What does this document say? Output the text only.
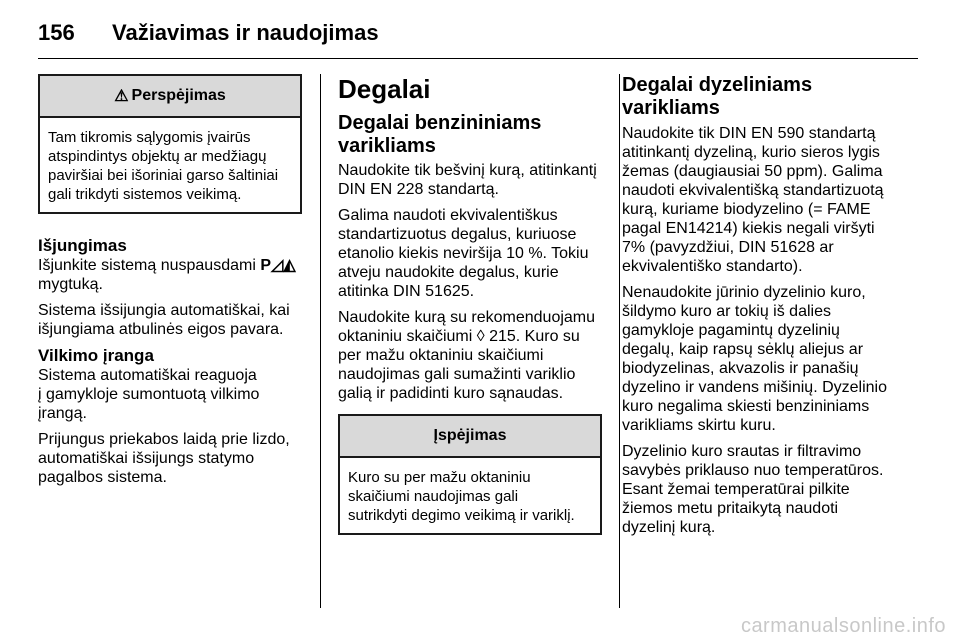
156 Važiavimas ir naudojimas
⚠ Perspėjimas
Tam tikromis sąlygomis įvairūs
atspindintys objektų ar medžiagų
paviršiai bei išoriniai garso šaltiniai
gali trikdyti sistemos veikimą.
Išjungimas

Išjunkite sistemą nuspausdami P◿◭
mygtuką.

Sistema išsijungia automatiškai, kai
išjungiama atbulinės eigos pavara.

Vilkimo įranga

Sistema automatiškai reaguoja
į gamykloje sumontuotą vilkimo
įrangą.

Prijungus priekabos laidą prie lizdo,
automatiškai išsijungs statymo
pagalbos sistema.

Degalai
Degalai benzininiams
varikliams

Naudokite tik bešvinį kurą, atitinkantį
DIN EN 228 standartą.

Galima naudoti ekvivalentiškus
standartizuotus degalus, kuriuose
etanolio kiekis neviršija 10 %. Tokiu
atveju naudokite degalus, kurie
atitinka DIN 51625.

Naudokite kurą su rekomenduojamu
oktaniniu skaičiumi ◊ 215. Kuro su
per mažu oktaniniu skaičiumi
naudojimas gali sumažinti variklio
galią ir padidinti kuro sąnaudas.

Įspėjimas
Kuro su per mažu oktaniniu
skaičiumi naudojimas gali
sutrikdyti degimo veikimą ir variklį.
Degalai dyzeliniams
varikliams

Naudokite tik DIN EN 590 standartą
atitinkantį dyzeliną, kurio sieros lygis
žemas (daugiausiai 50 ppm). Galima
naudoti ekvivalentišką standartizuotą
kurą, kuriame biodyzelino (= FAME
pagal EN14214) kiekis negali viršyti
7% (pavyzdžiui, DIN 51628 ar
ekvivalentiško standarto).

Nenaudokite jūrinio dyzelinio kuro,
šildymo kuro ar tokių iš dalies
gamykloje pagamintų dyzelinių
degalų, kaip rapsų sėklų aliejus ar
biodyzelinas, akvazolis ir panašių
dyzelino ir vandens mišinių. Dyzelinio
kuro negalima skiesti benzininiams
varikliams skirtu kuru.

Dyzelinio kuro srautas ir filtravimo
savybės priklauso nuo temperatūros.
Esant žemai temperatūrai pilkite
žiemos metu pritaikytą naudoti
dyzelinį kurą.

carmanualsonline.info
